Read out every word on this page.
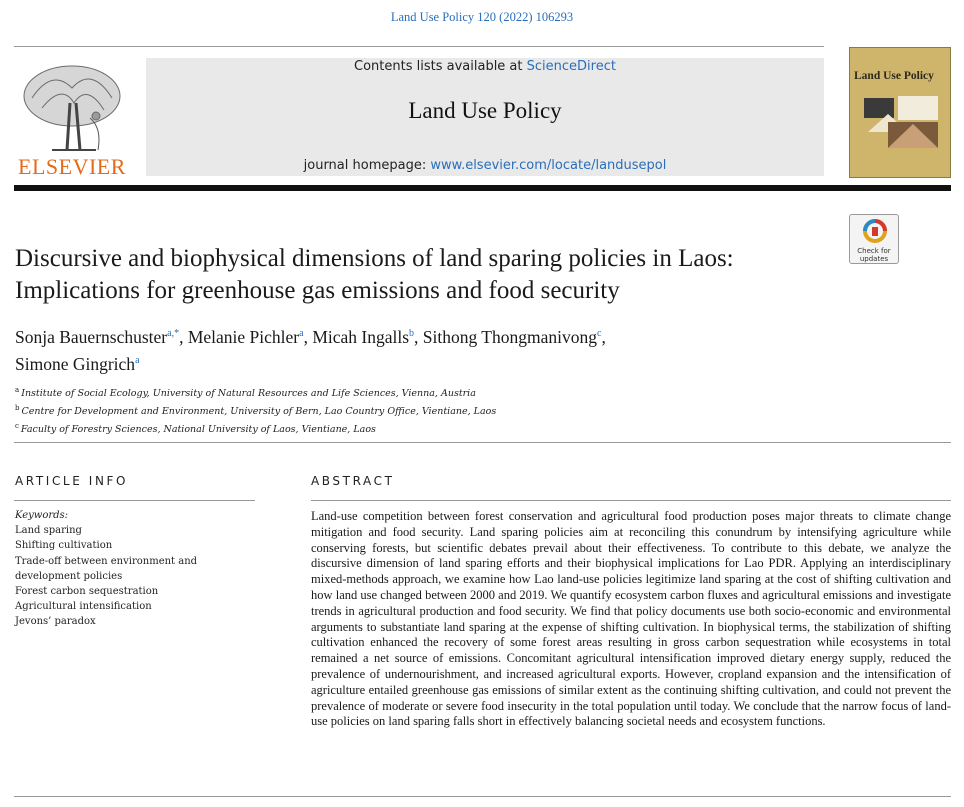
Land Use Policy 120 (2022) 106293
ELSEVIER
Contents lists available at ScienceDirect
Land Use Policy
journal homepage: www.elsevier.com/locate/landusepol
Land Use Policy
Check for updates
Discursive and biophysical dimensions of land sparing policies in Laos: Implications for greenhouse gas emissions and food security
Sonja Bauernschuster$^{a,*}$, Melanie Pichler$^a$, Micah Ingalls$^b$, Sithong Thongmanivong$^c$,
Simone Gingrich$^a$
$^a$ Institute of Social Ecology, University of Natural Resources and Life Sciences, Vienna, Austria
$^b$ Centre for Development and Environment, University of Bern, Lao Country Office, Vientiane, Laos
$^c$ Faculty of Forestry Sciences, National University of Laos, Vientiane, Laos
ARTICLE INFO
Keywords:
Land sparing
Shifting cultivation
Trade-off between environment and development policies
Forest carbon sequestration
Agricultural intensification
Jevons’ paradox
ABSTRACT
Land-use competition between forest conservation and agricultural food production poses major threats to climate change mitigation and food security. Land sparing policies aim at reconciling this conundrum by intensifying agriculture while conserving forests, but scientific debates prevail about their effectiveness. To contribute to this debate, we analyze the discursive dimension of land sparing efforts and their biophysical implications for Lao PDR. Applying an interdisciplinary mixed-methods approach, we examine how Lao land-use policies legitimize land sparing at the cost of shifting cultivation and how land use changed between 2000 and 2019. We quantify ecosystem carbon fluxes and agricultural emissions and investigate trends in agricultural production and food security. We find that policy documents use both socio-economic and environmental arguments to substantiate land sparing at the expense of shifting cultivation. In biophysical terms, the stabilization of shifting cultivation enhanced the recovery of some forest areas resulting in gross carbon sequestration while ecosystems in total remained a net source of emissions. Concomitant agricultural intensification improved dietary energy supply, reduced the prevalence of undernourishment, and increased agricultural exports. However, cropland expansion and the intensification of agriculture entailed greenhouse gas emissions of similar extent as the continuing shifting cultivation, and could not prevent the prevalence of moderate or severe food insecurity in the total population until today. We conclude that the narrow focus of land-use policies on land sparing falls short in effectively balancing societal needs and ecosystem functions.
